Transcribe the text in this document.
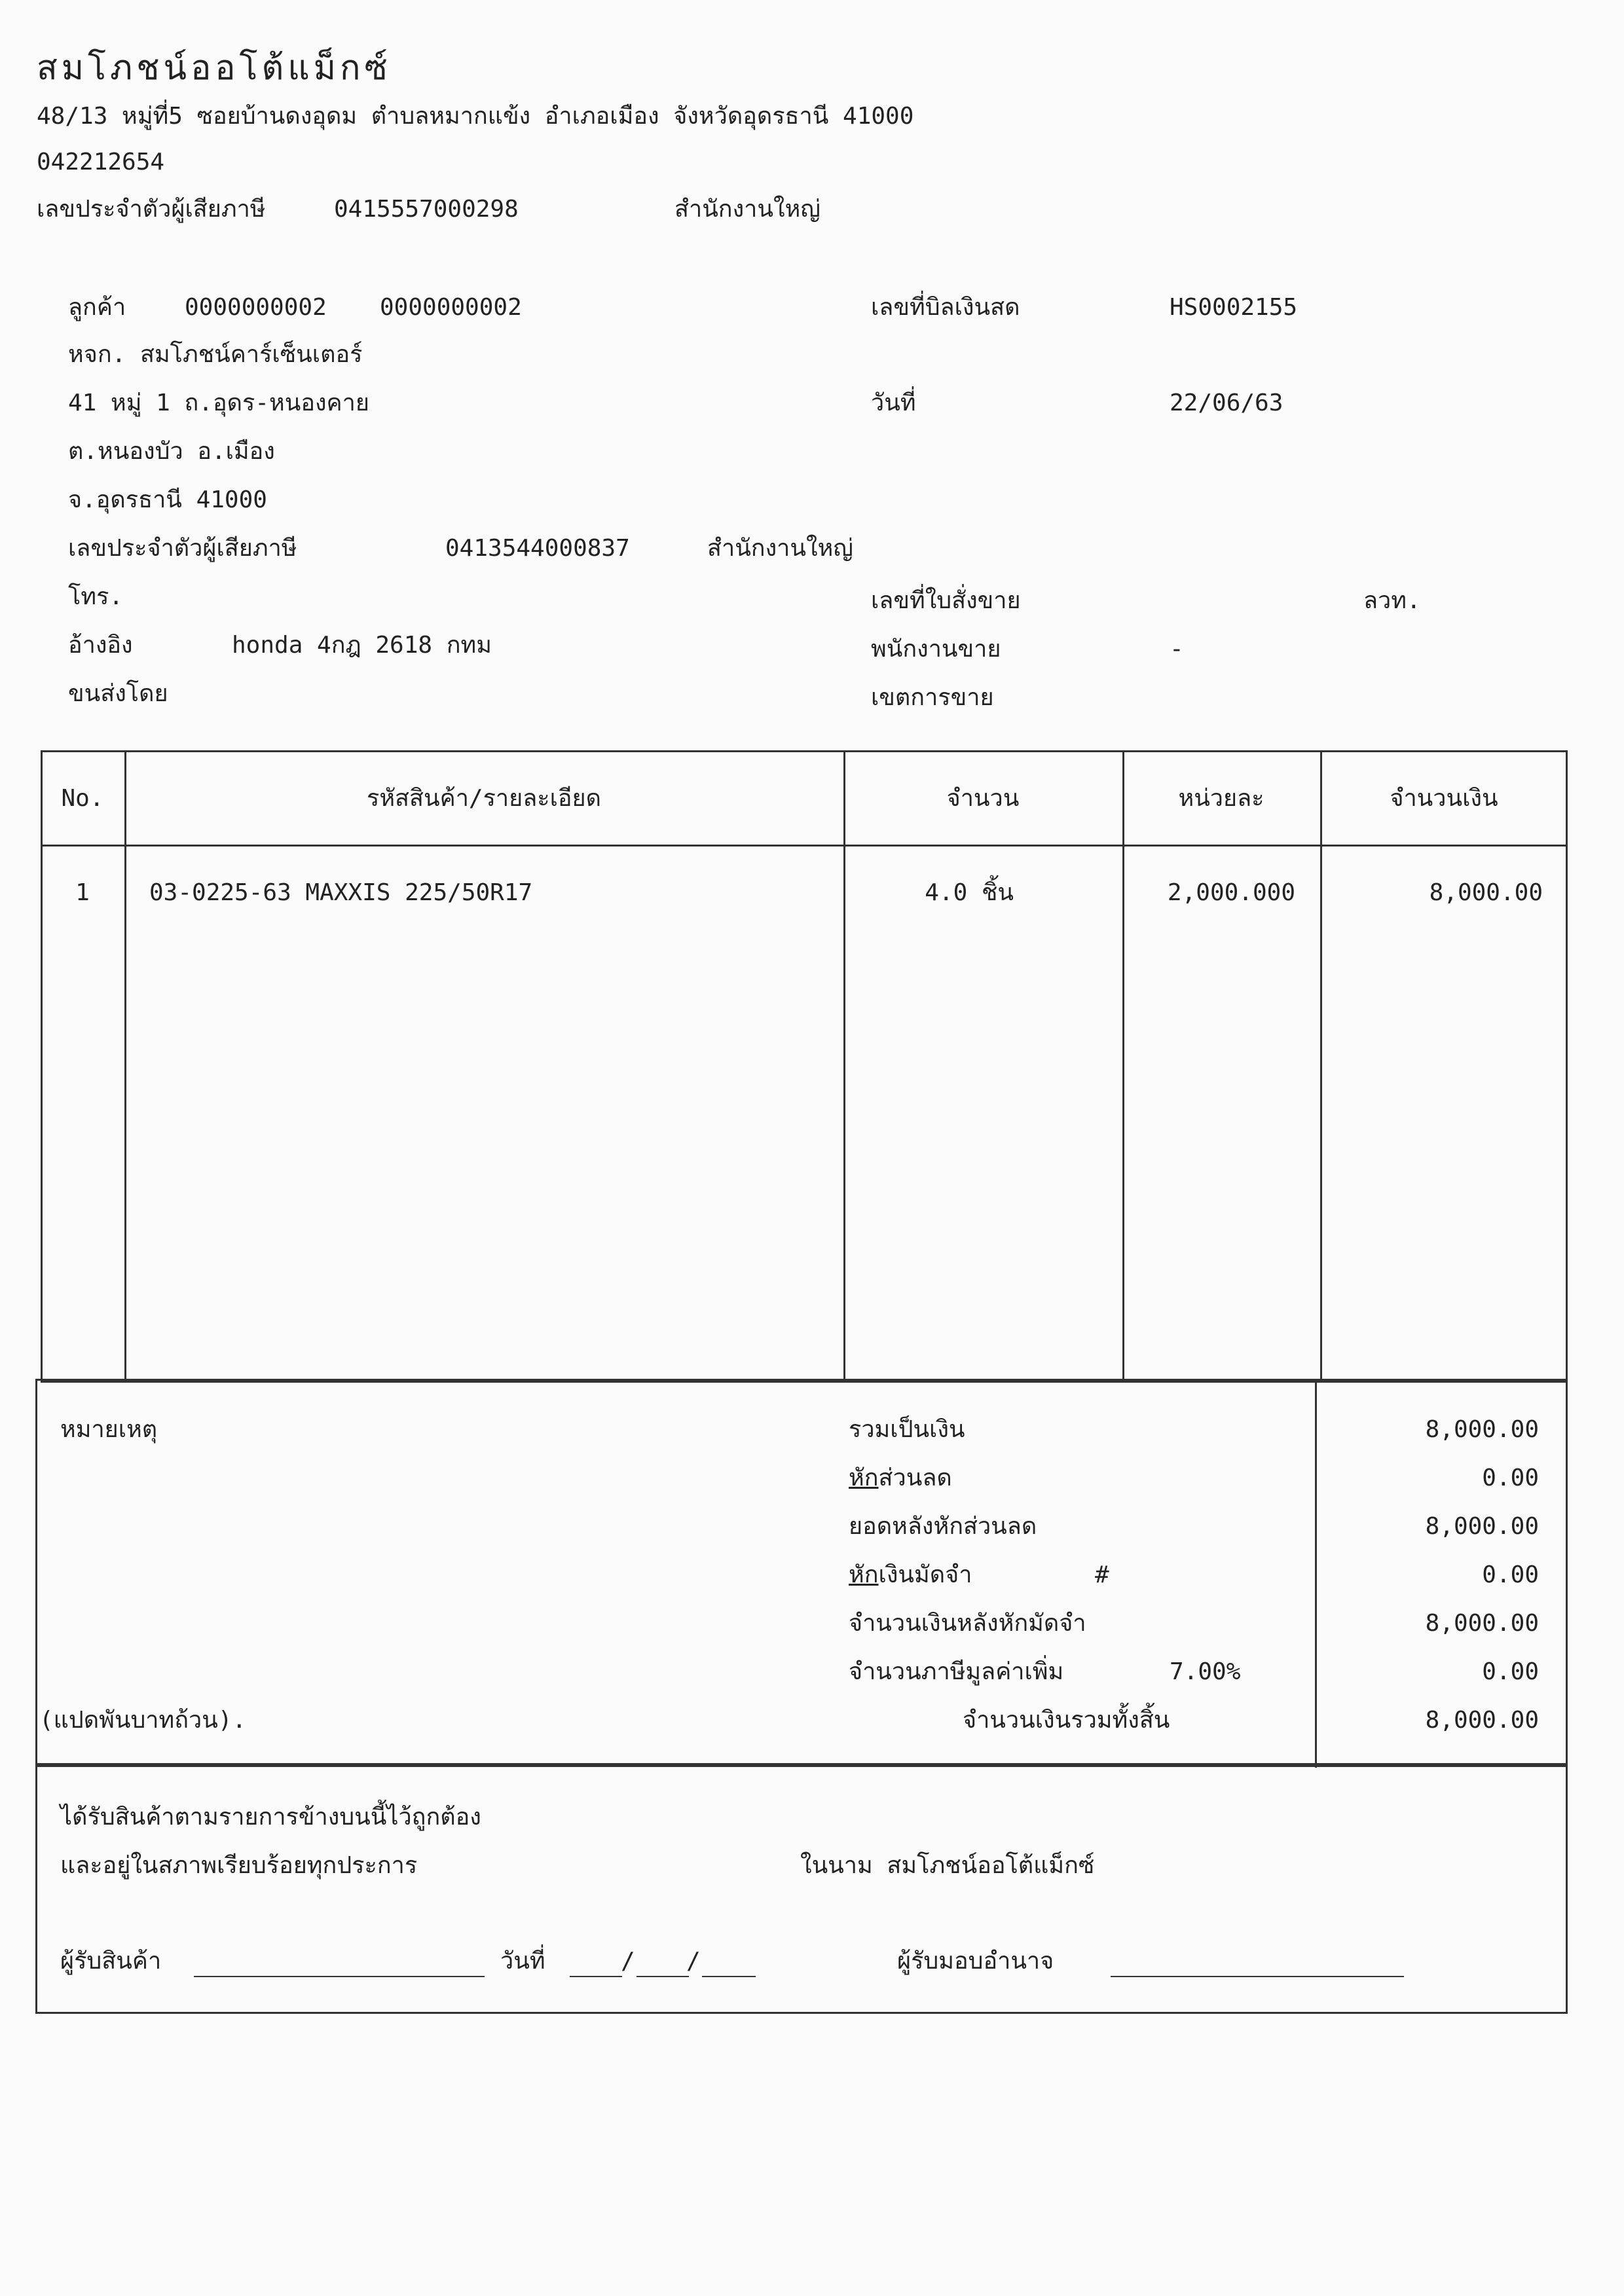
สมโภชน์ออโต้แม็กซ์
48/13 หมู่ที่5 ซอยบ้านดงอุดม ตำบลหมากแข้ง อำเภอเมือง จังหวัดอุดรธานี 41000
042212654
เลขประจำตัวผู้เสียภาษี	0415557000298	สำนักงานใหญ่
ลูกค้า 0000000002 0000000002
หจก. สมโภชน์คาร์เซ็นเตอร์
41 หมู่ 1 ถ.อุดร-หนองคาย
ต.หนองบัว อ.เมือง
จ.อุดรธานี 41000
เลขประจำตัวผู้เสียภาษี	0413544000837	สำนักงานใหญ่
โทร.
อ้างอิง	honda 4กฎ 2618 กทม
ขนส่งโดย
เลขที่บิลเงินสด	HS0002155
วันที่	22/06/63
เลขที่ใบสั่งขาย	ลวท.
พนักงานขาย	-
เขตการขาย
No.	รหัสสินค้า/รายละเอียด	จำนวน	หน่วยละ	จำนวนเงิน
1	03-0225-63 MAXXIS 225/50R17	4.0 ชิ้น	2,000.000	8,000.00
หมายเหตุ
(แปดพันบาทถ้วน).
รวมเป็นเงิน	8,000.00
หักส่วนลด	0.00
ยอดหลังหักส่วนลด	8,000.00
หักเงินมัดจำ	#	0.00
จำนวนเงินหลังหักมัดจำ	8,000.00
จำนวนภาษีมูลค่าเพิ่ม	7.00%	0.00
จำนวนเงินรวมทั้งสิ้น	8,000.00
ได้รับสินค้าตามรายการข้างบนนี้ไว้ถูกต้อง
และอยู่ในสภาพเรียบร้อยทุกประการ	ในนาม สมโภชน์ออโต้แม็กซ์
ผู้รับสินค้า	วันที่	/ /	ผู้รับมอบอำนาจ
